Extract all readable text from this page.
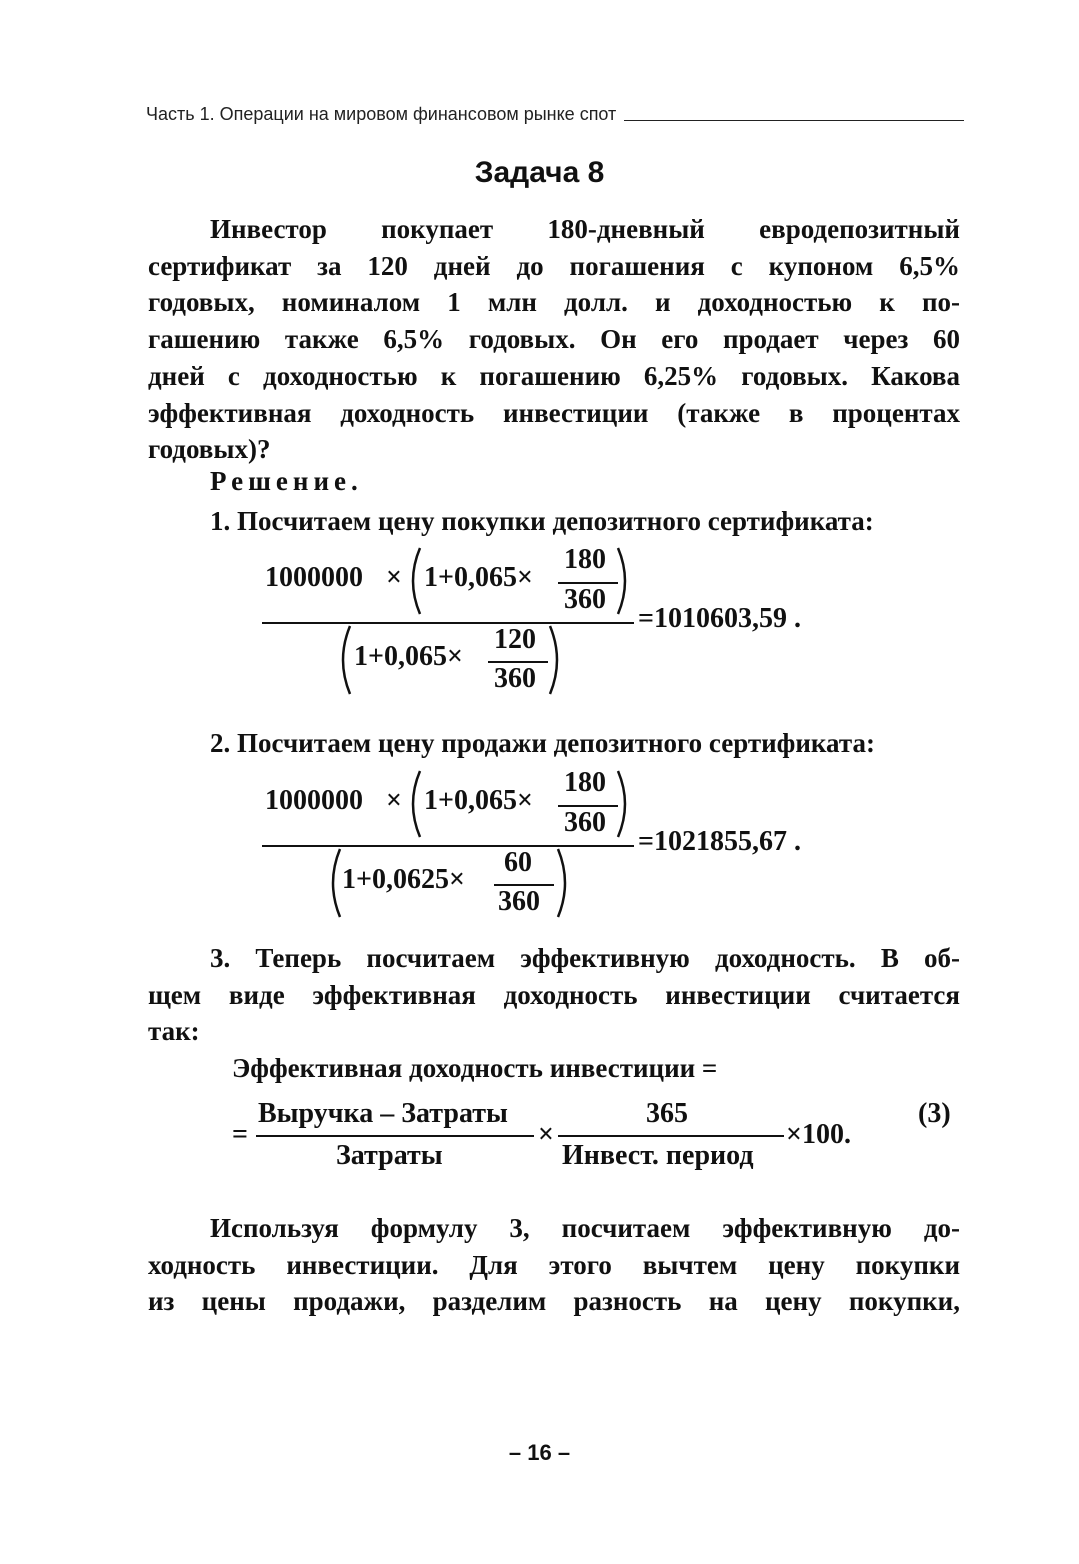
Часть 1. Операции на мировом финансовом рынке спот
Задача 8
Инвестор покупает 180-дневный евродепозитный
сертификат за 120 дней до погашения с купоном 6,5%
годовых, номиналом 1 млн долл. и доходностью к по-
гашению также 6,5% годовых. Он его продает через 60
дней с доходностью к погашению 6,25% годовых. Какова
эффективная доходность инвестиции (также в процентах
годовых)?
Решение.
1. Посчитаем цену покупки депозитного сертификата:
1000000 × 1+0,065×
180
360
1+0,065×
120
360
=1010603,59 .
2. Посчитаем цену продажи депозитного сертификата:
1000000 × 1+0,065×
180
360
1+0,0625×
60
360
=1021855,67 .
3. Теперь посчитаем эффективную доходность. В об-
щем виде эффективная доходность инвестиции считается
так:
Эффективная доходность инвестиции =
=
Выручка – Затраты
Затраты
×
365
Инвест. период
×100.
(3)
Используя формулу 3, посчитаем эффективную до-
ходность инвестиции. Для этого вычтем цену покупки
из цены продажи, разделим разность на цену покупки,
– 16 –
